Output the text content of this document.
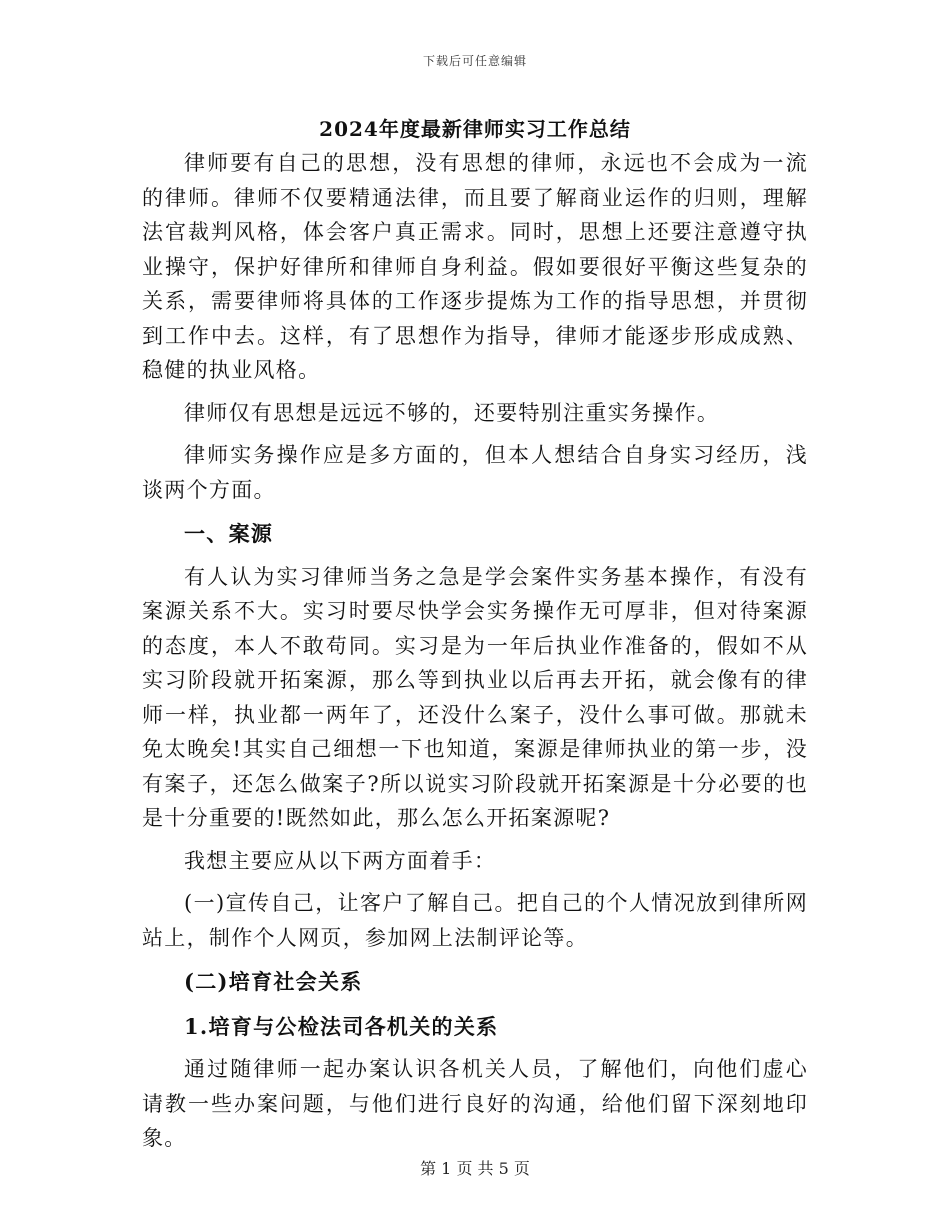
下载后可任意编辑
2024年度最新律师实习工作总结

律师要有自己的思想，没有思想的律师，永远也不会成为一流的律师。律师不仅要精通法律，而且要了解商业运作的归则，理解法官裁判风格，体会客户真正需求。同时，思想上还要注意遵守执业操守，保护好律所和律师自身利益。假如要很好平衡这些复杂的关系，需要律师将具体的工作逐步提炼为工作的指导思想，并贯彻到工作中去。这样，有了思想作为指导，律师才能逐步形成成熟、稳健的执业风格。

律师仅有思想是远远不够的，还要特别注重实务操作。

律师实务操作应是多方面的，但本人想结合自身实习经历，浅谈两个方面。

一、案源

有人认为实习律师当务之急是学会案件实务基本操作，有没有案源关系不大。实习时要尽快学会实务操作无可厚非，但对待案源的态度，本人不敢苟同。实习是为一年后执业作准备的，假如不从实习阶段就开拓案源，那么等到执业以后再去开拓，就会像有的律师一样，执业都一两年了，还没什么案子，没什么事可做。那就未免太晚矣!其实自己细想一下也知道，案源是律师执业的第一步，没有案子，还怎么做案子?所以说实习阶段就开拓案源是十分必要的也是十分重要的!既然如此，那么怎么开拓案源呢?

我想主要应从以下两方面着手：

(一)宣传自己，让客户了解自己。把自己的个人情况放到律所网站上，制作个人网页，参加网上法制评论等。

(二)培育社会关系

1.培育与公检法司各机关的关系

通过随律师一起办案认识各机关人员，了解他们，向他们虚心请教一些办案问题，与他们进行良好的沟通，给他们留下深刻地印象。

第 1 页 共 5 页
